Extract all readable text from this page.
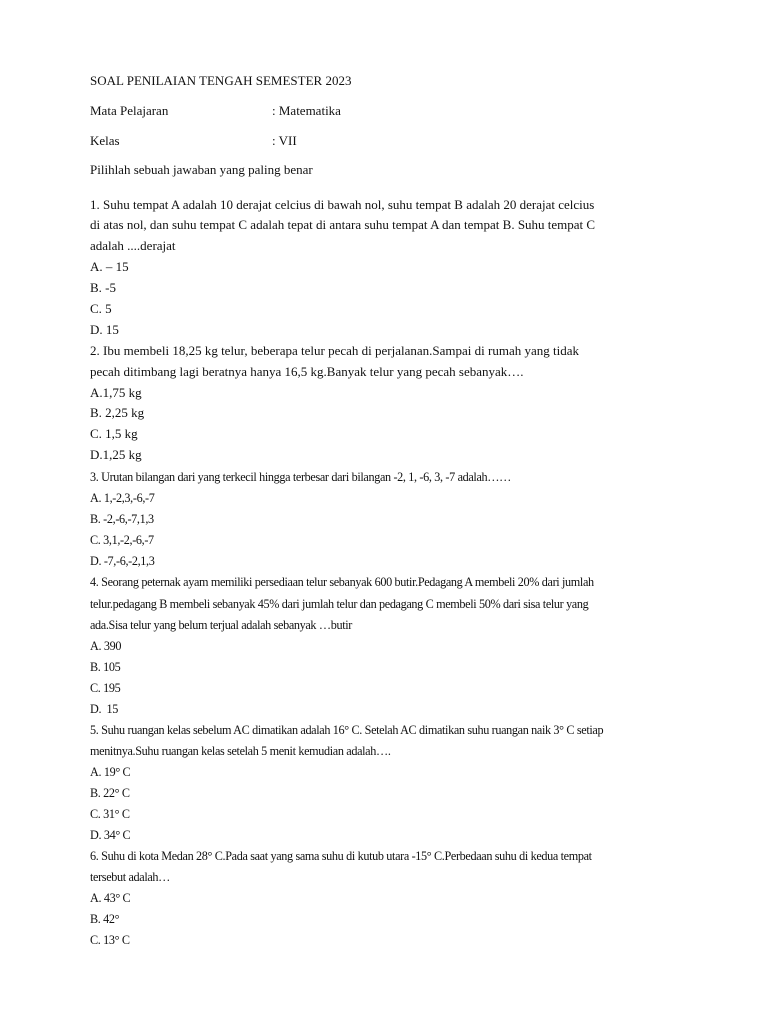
SOAL PENILAIAN TENGAH SEMESTER 2023
Mata Pelajaran	: Matematika
Kelas	: VII
Pilihlah sebuah jawaban yang paling benar
1. Suhu tempat A adalah 10 derajat celcius di bawah nol, suhu tempat B adalah 20 derajat celcius
di atas nol, dan suhu tempat C adalah tepat di antara suhu tempat A dan tempat B. Suhu tempat C
adalah ....derajat
A. – 15
B. -5
C. 5
D. 15
2. Ibu membeli 18,25 kg telur, beberapa telur pecah di perjalanan.Sampai di rumah yang tidak
pecah ditimbang lagi beratnya hanya 16,5 kg.Banyak telur yang pecah sebanyak….
A.1,75 kg
B. 2,25 kg
C. 1,5 kg
D.1,25 kg
3. Urutan bilangan dari yang terkecil hingga terbesar dari bilangan -2, 1, -6, 3, -7 adalah……
A. 1,-2,3,-6,-7
B. -2,-6,-7,1,3
C. 3,1,-2,-6,-7
D. -7,-6,-2,1,3
4. Seorang peternak ayam memiliki persediaan telur sebanyak 600 butir.Pedagang A membeli 20% dari jumlah
telur.pedagang B membeli sebanyak 45% dari jumlah telur dan pedagang C membeli 50% dari sisa telur yang
ada.Sisa telur yang belum terjual adalah sebanyak …butir
A. 390
B. 105
C. 195
D.  15
5. Suhu ruangan kelas sebelum AC dimatikan adalah 16° C. Setelah AC dimatikan suhu ruangan naik 3° C setiap
menitnya.Suhu ruangan kelas setelah 5 menit kemudian adalah….
A. 19° C
B. 22° C
C. 31° C
D. 34° C
6. Suhu di kota Medan 28° C.Pada saat yang sama suhu di kutub utara -15° C.Perbedaan suhu di kedua tempat
tersebut adalah…
A. 43° C
B. 42°
C. 13° C
